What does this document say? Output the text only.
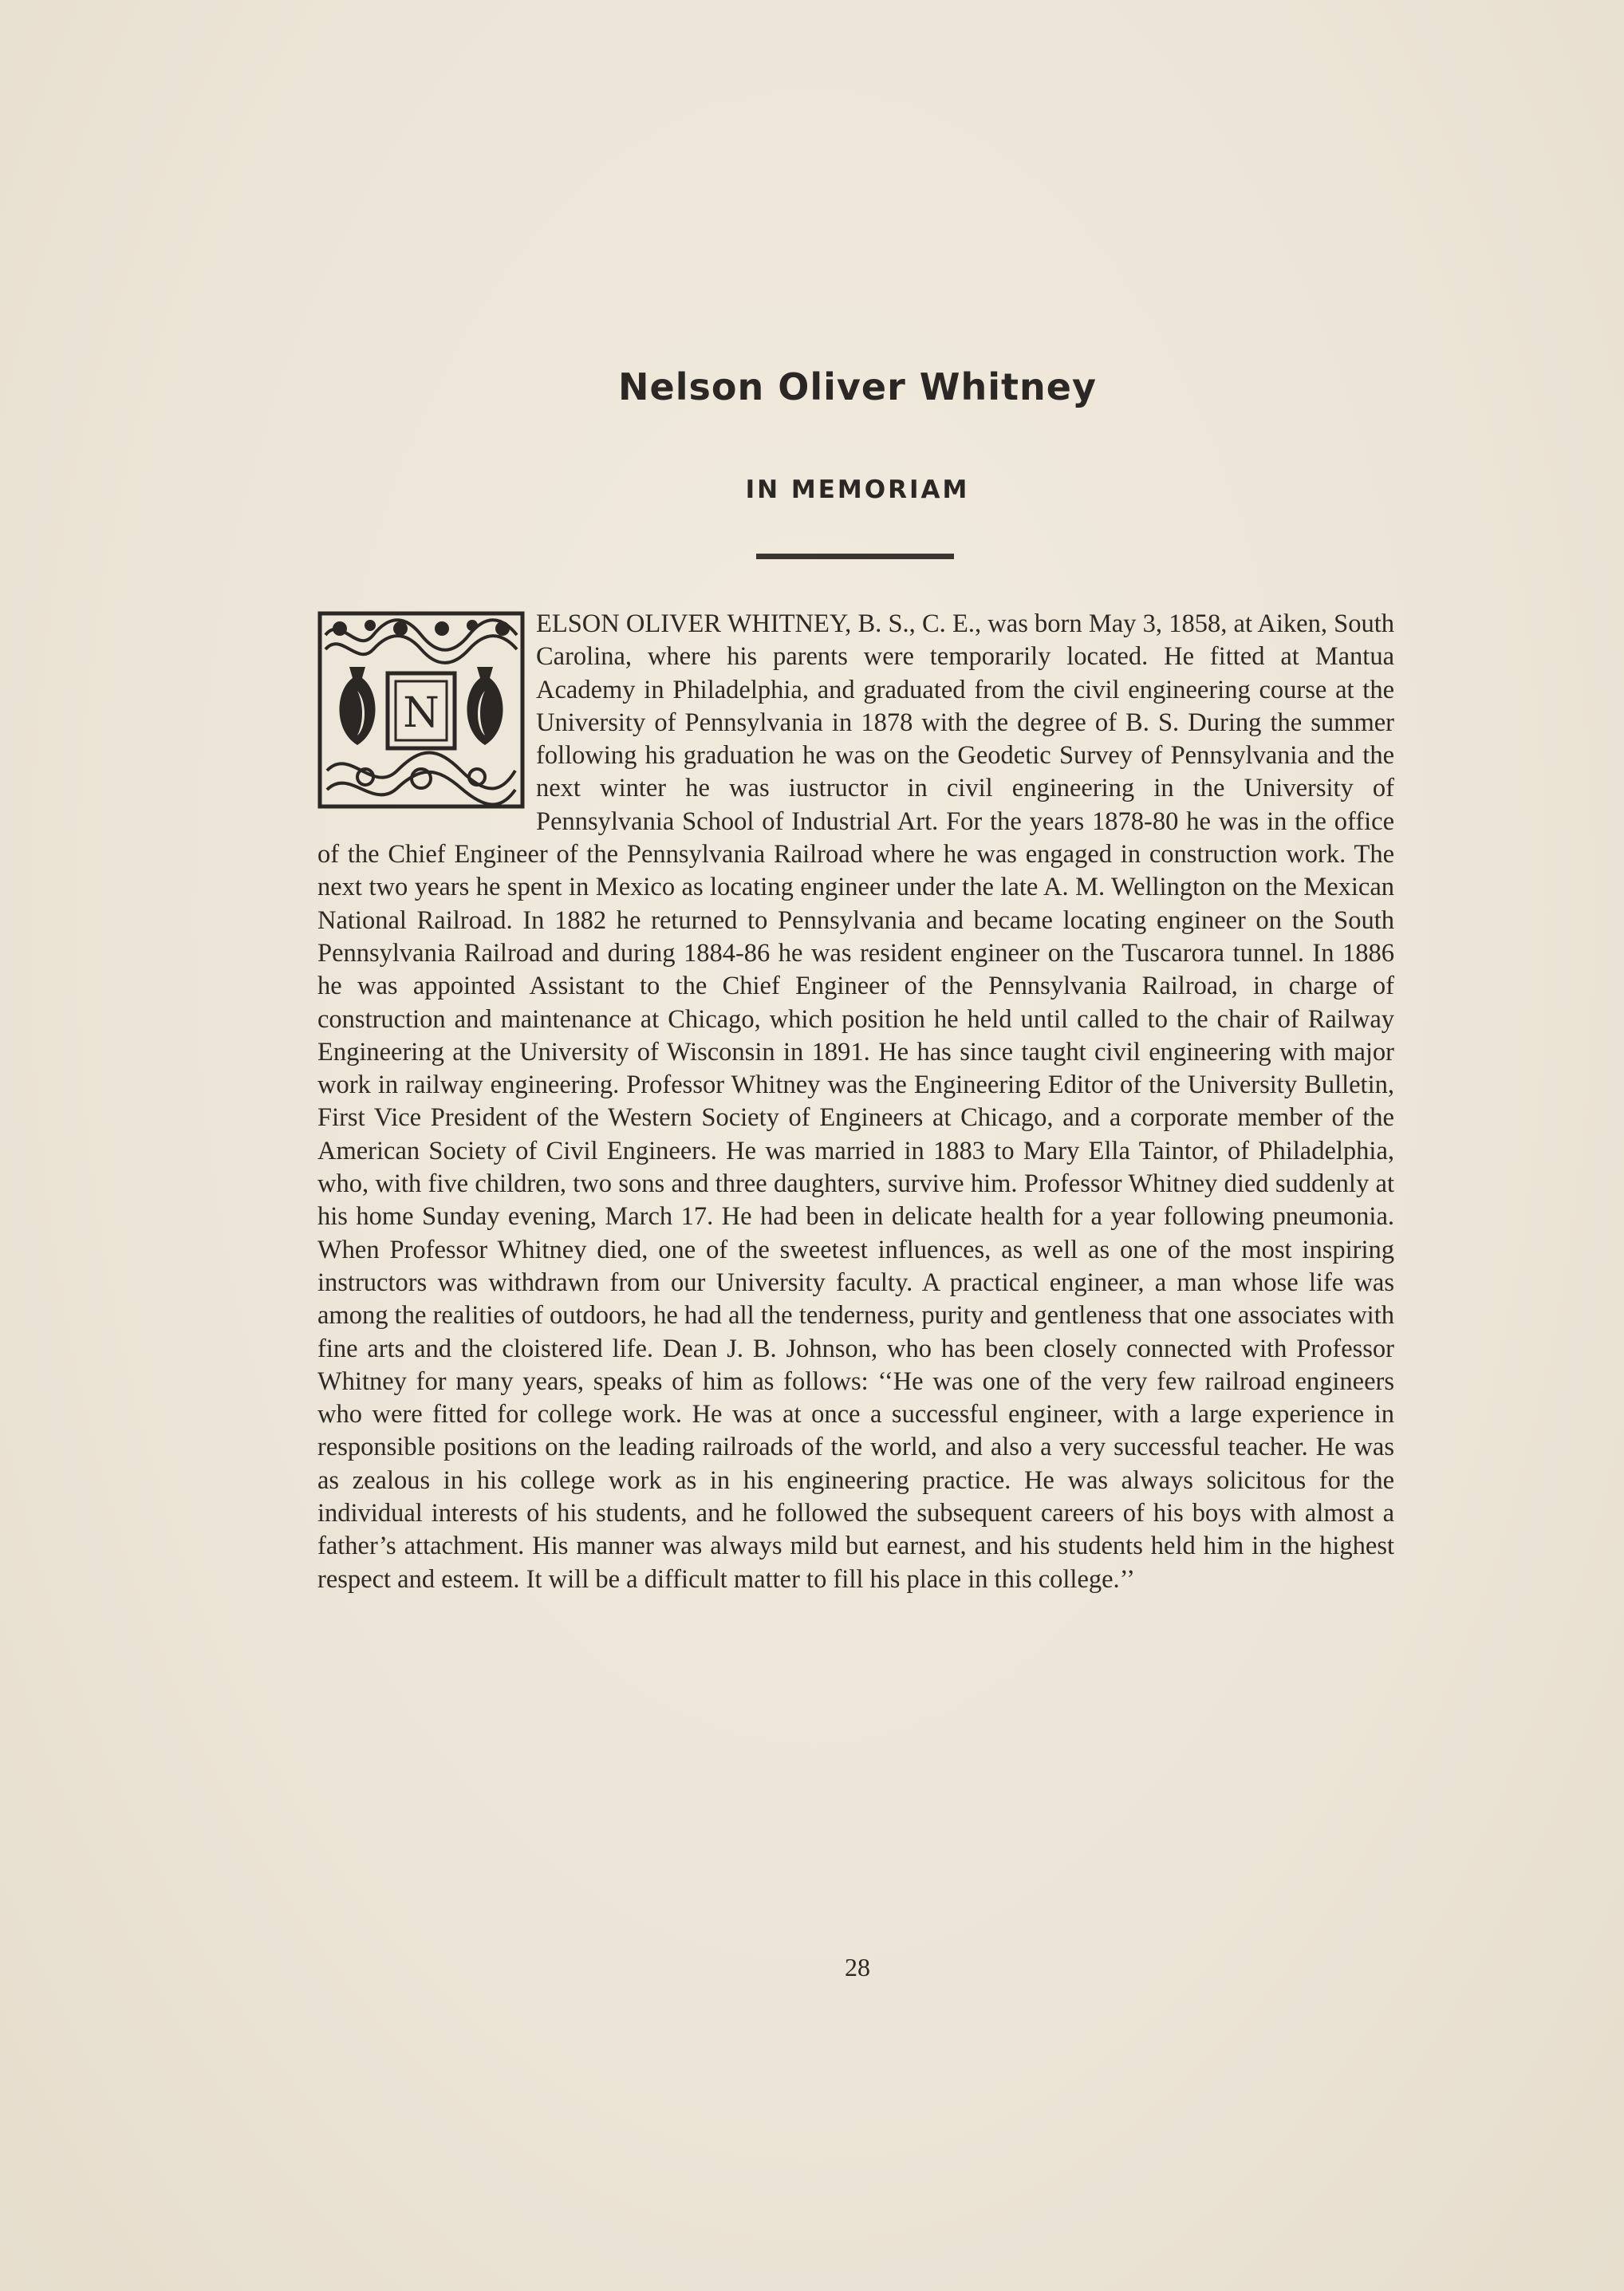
Nelson Oliver Whitney
IN MEMORIAM

N
ELSON OLIVER WHITNEY, B. S., C. E., was born May 3, 1858, at Aiken, South Carolina, where his parents were temporarily located. He fitted at Mantua Academy in Philadelphia, and graduated from the civil engineering course at the University of Pennsylvania in 1878 with the degree of B. S. During the summer following his graduation he was on the Geodetic Survey of Pennsylvania and the next winter he was iustructor in civil engineering in the University of Pennsylvania School of Industrial Art. For the years 1878-80 he was in the office of the Chief Engineer of the Pennsylvania Railroad where he was engaged in construction work. The next two years he spent in Mexico as locating engineer under the late A. M. Wellington on the Mexican National Railroad. In 1882 he returned to Pennsylvania and became locating engineer on the South Pennsylvania Railroad and during 1884-86 he was resident engineer on the Tuscarora tunnel. In 1886 he was appointed Assistant to the Chief Engineer of the Pennsylvania Railroad, in charge of construction and maintenance at Chicago, which position he held until called to the chair of Railway Engineering at the University of Wisconsin in 1891. He has since taught civil engineering with major work in railway engineering. Professor Whitney was the Engineering Editor of the University Bulletin, First Vice President of the Western Society of Engineers at Chicago, and a corporate member of the American Society of Civil Engineers. He was married in 1883 to Mary Ella Taintor, of Philadelphia, who, with five children, two sons and three daughters, survive him. Professor Whitney died suddenly at his home Sunday evening, March 17. He had been in delicate health for a year following pneumonia. When Professor Whitney died, one of the sweetest influences, as well as one of the most inspiring instructors was withdrawn from our University faculty. A practical engineer, a man whose life was among the realities of outdoors, he had all the tenderness, purity and gentleness that one associates with fine arts and the cloistered life. Dean J. B. Johnson, who has been closely connected with Professor Whitney for many years, speaks of him as follows: ‘‘He was one of the very few railroad engineers who were fitted for college work. He was at once a successful engineer, with a large experience in responsible positions on the leading railroads of the world, and also a very successful teacher. He was as zealous in his college work as in his engineering practice. He was always solicitous for the individual interests of his students, and he followed the subsequent careers of his boys with almost a father’s attachment. His manner was always mild but earnest, and his students held him in the highest respect and esteem. It will be a difficult matter to fill his place in this college.’’

28
